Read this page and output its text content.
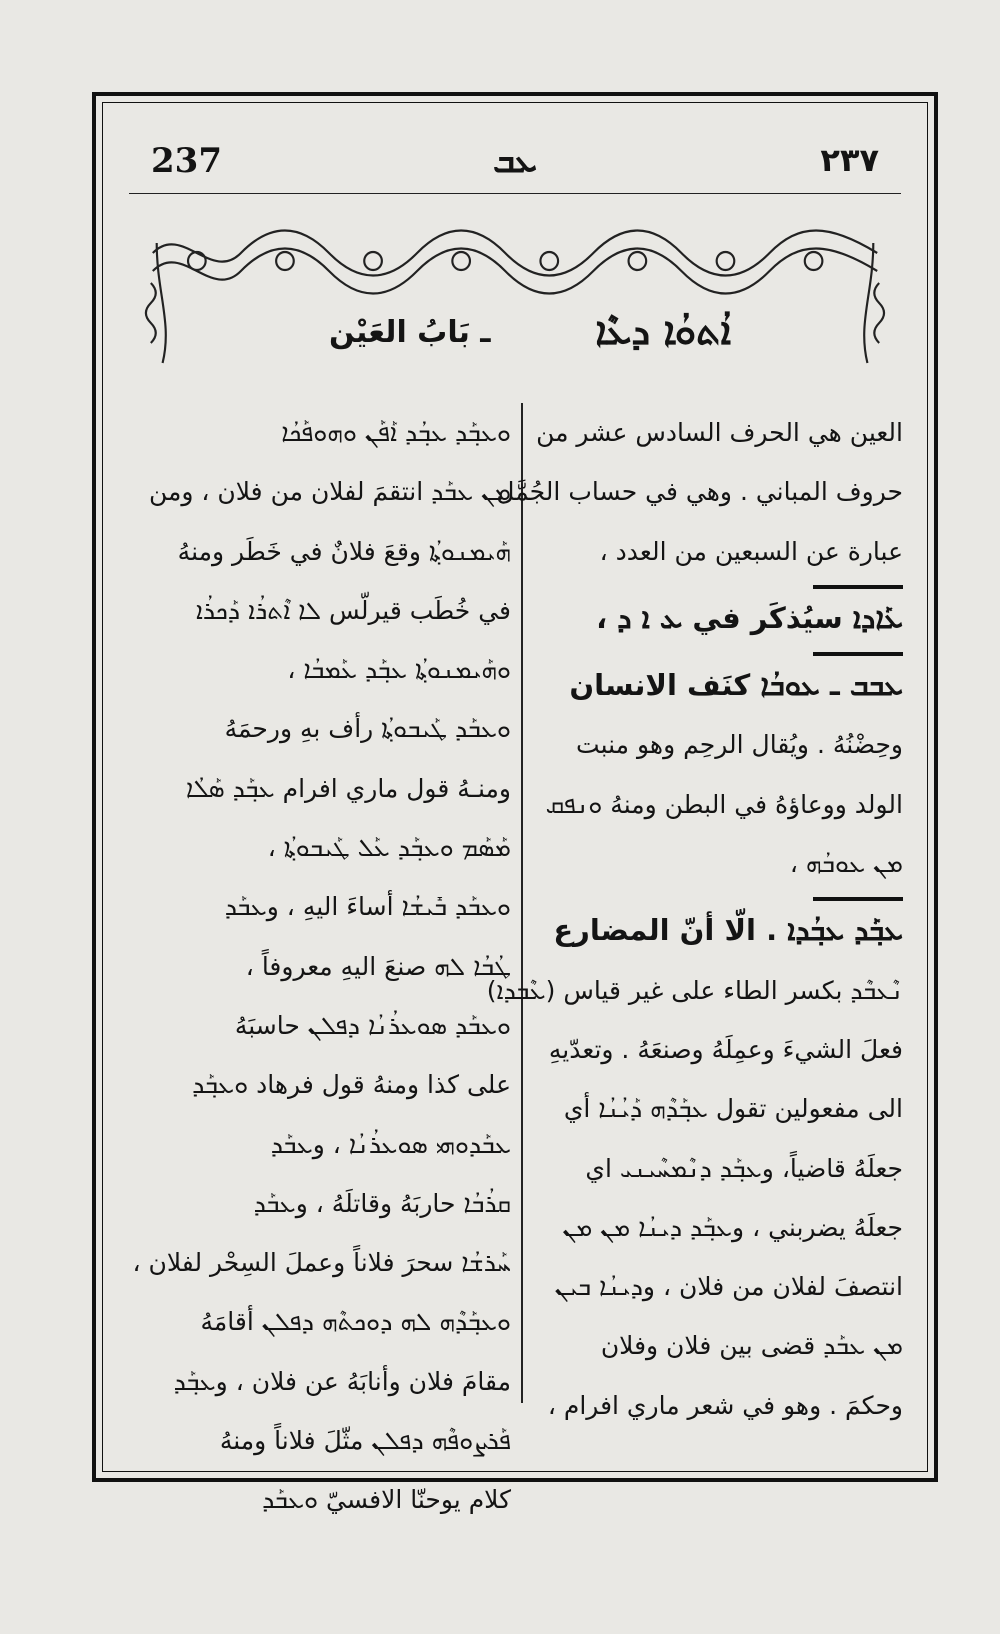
237	ܥܒ	٢٣٧
ܐܳܬܘܳܐ ܕܥܶܐ
ـ بَابُ العَيْن
العين هي الحرف السادس عشر من
حروف المباني . وهي في حساب الجُمَّل
عبارة عن السبعين من العدد ،
ܥܰܐܕܐ سيُذكَر في ܥ ܐ ܕ ،
ܥܒܒ ـ ܥܘܒܳܐ كنَف الانسان
وحِضْنُهُ . ويُقال الرحِم وهو منبت
الولد ووعاؤهُ في البطن ومنهُ ܘܢܦܩ
ܡܢ ܥܘܒܳܗ ،
ܥܒ݂ܰܕ ܥܒ݂ܳܕܐ . الّا أنّ المضارع
ܢܶܥܒܶܕ بكسر الطاء على غير قياس (ܥܶܒܕܐ)
فعلَ الشيءَ وعمِلَهُ وصنعَهُ . وتعدّيهِ
الى مفعولين تقول ܥܒ݂ܰܕܶܗ ܕܰܝܳܢܳܐ أي
جعلَهُ قاضياً، وܥܒ݂ܰܕ ܕܢܶܡܚܶܝܢܝ اي
جعلَهُ يضربني ، وܥܒ݂ܰܕ ܕܝܢܳܐ ܡܢ ܡܢ
انتصفَ لفلان من فلان ، وܕܝܢܳܐ ܒܝܢ
ܡܢ ܥܒܰܕ قضى بين فلان وفلان
وحكمَ . وهو في شعر ماري افرام ،
ܘܥܒ݂ܰܕ ܥܒ݂ܳܕ ܐܰܦܰܢ ܘܗܘܦܰܟܳܐ
ܡܢ ܥܒܰܕ انتقمَ لفلان من فلان ، ومن
ܗܰܝܡܢܘܬ݂ܳܐ وقعَ فلانٌ في خَطَر ومنهُ
في خُطَب قيرلّس ܠܐ ܐܶܬܪܳܐ ܕܰܟܪܳܐ
ܘܗܰܝܡܢܘܬ݂ܳܐ ܥܒ݂ܰܕ ܥܰܡܒܳܐ ،
ܘܥܒܰܕ ܛܰܝܒܘܬ݂ܳܐ رأف بهِ ورحمَهُ
ومنـهُ قول ماري افرام ܥܒ݂ܰܕ ܣܰܠܳܐ
ܡܰܣܰܡ ܘܥܒ݂ܰܕ ܥܰܠ ܛܰܝܒܘܬ݂ܳܐ ،
ܘܥܒܰܕ ܒܺܝܫܳܐ أساءَ اليهِ ، وܥܒܰܕ
ܛܳܒܳܐ ܠܗ صنعَ اليهِ معروفاً ،
ܘܥܒܰܕ ܣܘܥܪܳܢܳܐ ܕܦܠܢ حاسبَهُ
على كذا ومنهُ قول فرهاد ܘܥܒ݂ܰܕ
ܥܒܰܕܘܗܝ ܣܘܥܪܳܢܳܐ ، وܥܒܰܕ
ܩܪܳܒܳܐ حاربَهُ وقاتلَهُ ، وܥܒܰܕ
ܚܰܪܫܳܐ سحرَ فلاناً وعملَ السِحْر لفلان ،
ܘܥܒ݂ܰܕܶܗ ܠܗ ܕܘܟܬܶܗ ܕܦܠܢ أقامَهُ
مقامَ فلان وأنابَهُ عن فلان ، وܥܒ݂ܰܕ
ܦܰܪܨܘܦܶܗ ܕܦܠܢ مثّلَ فلاناً ومنهُ
كلام يوحنّا الافسيّ ܘܥܒܰܕ
